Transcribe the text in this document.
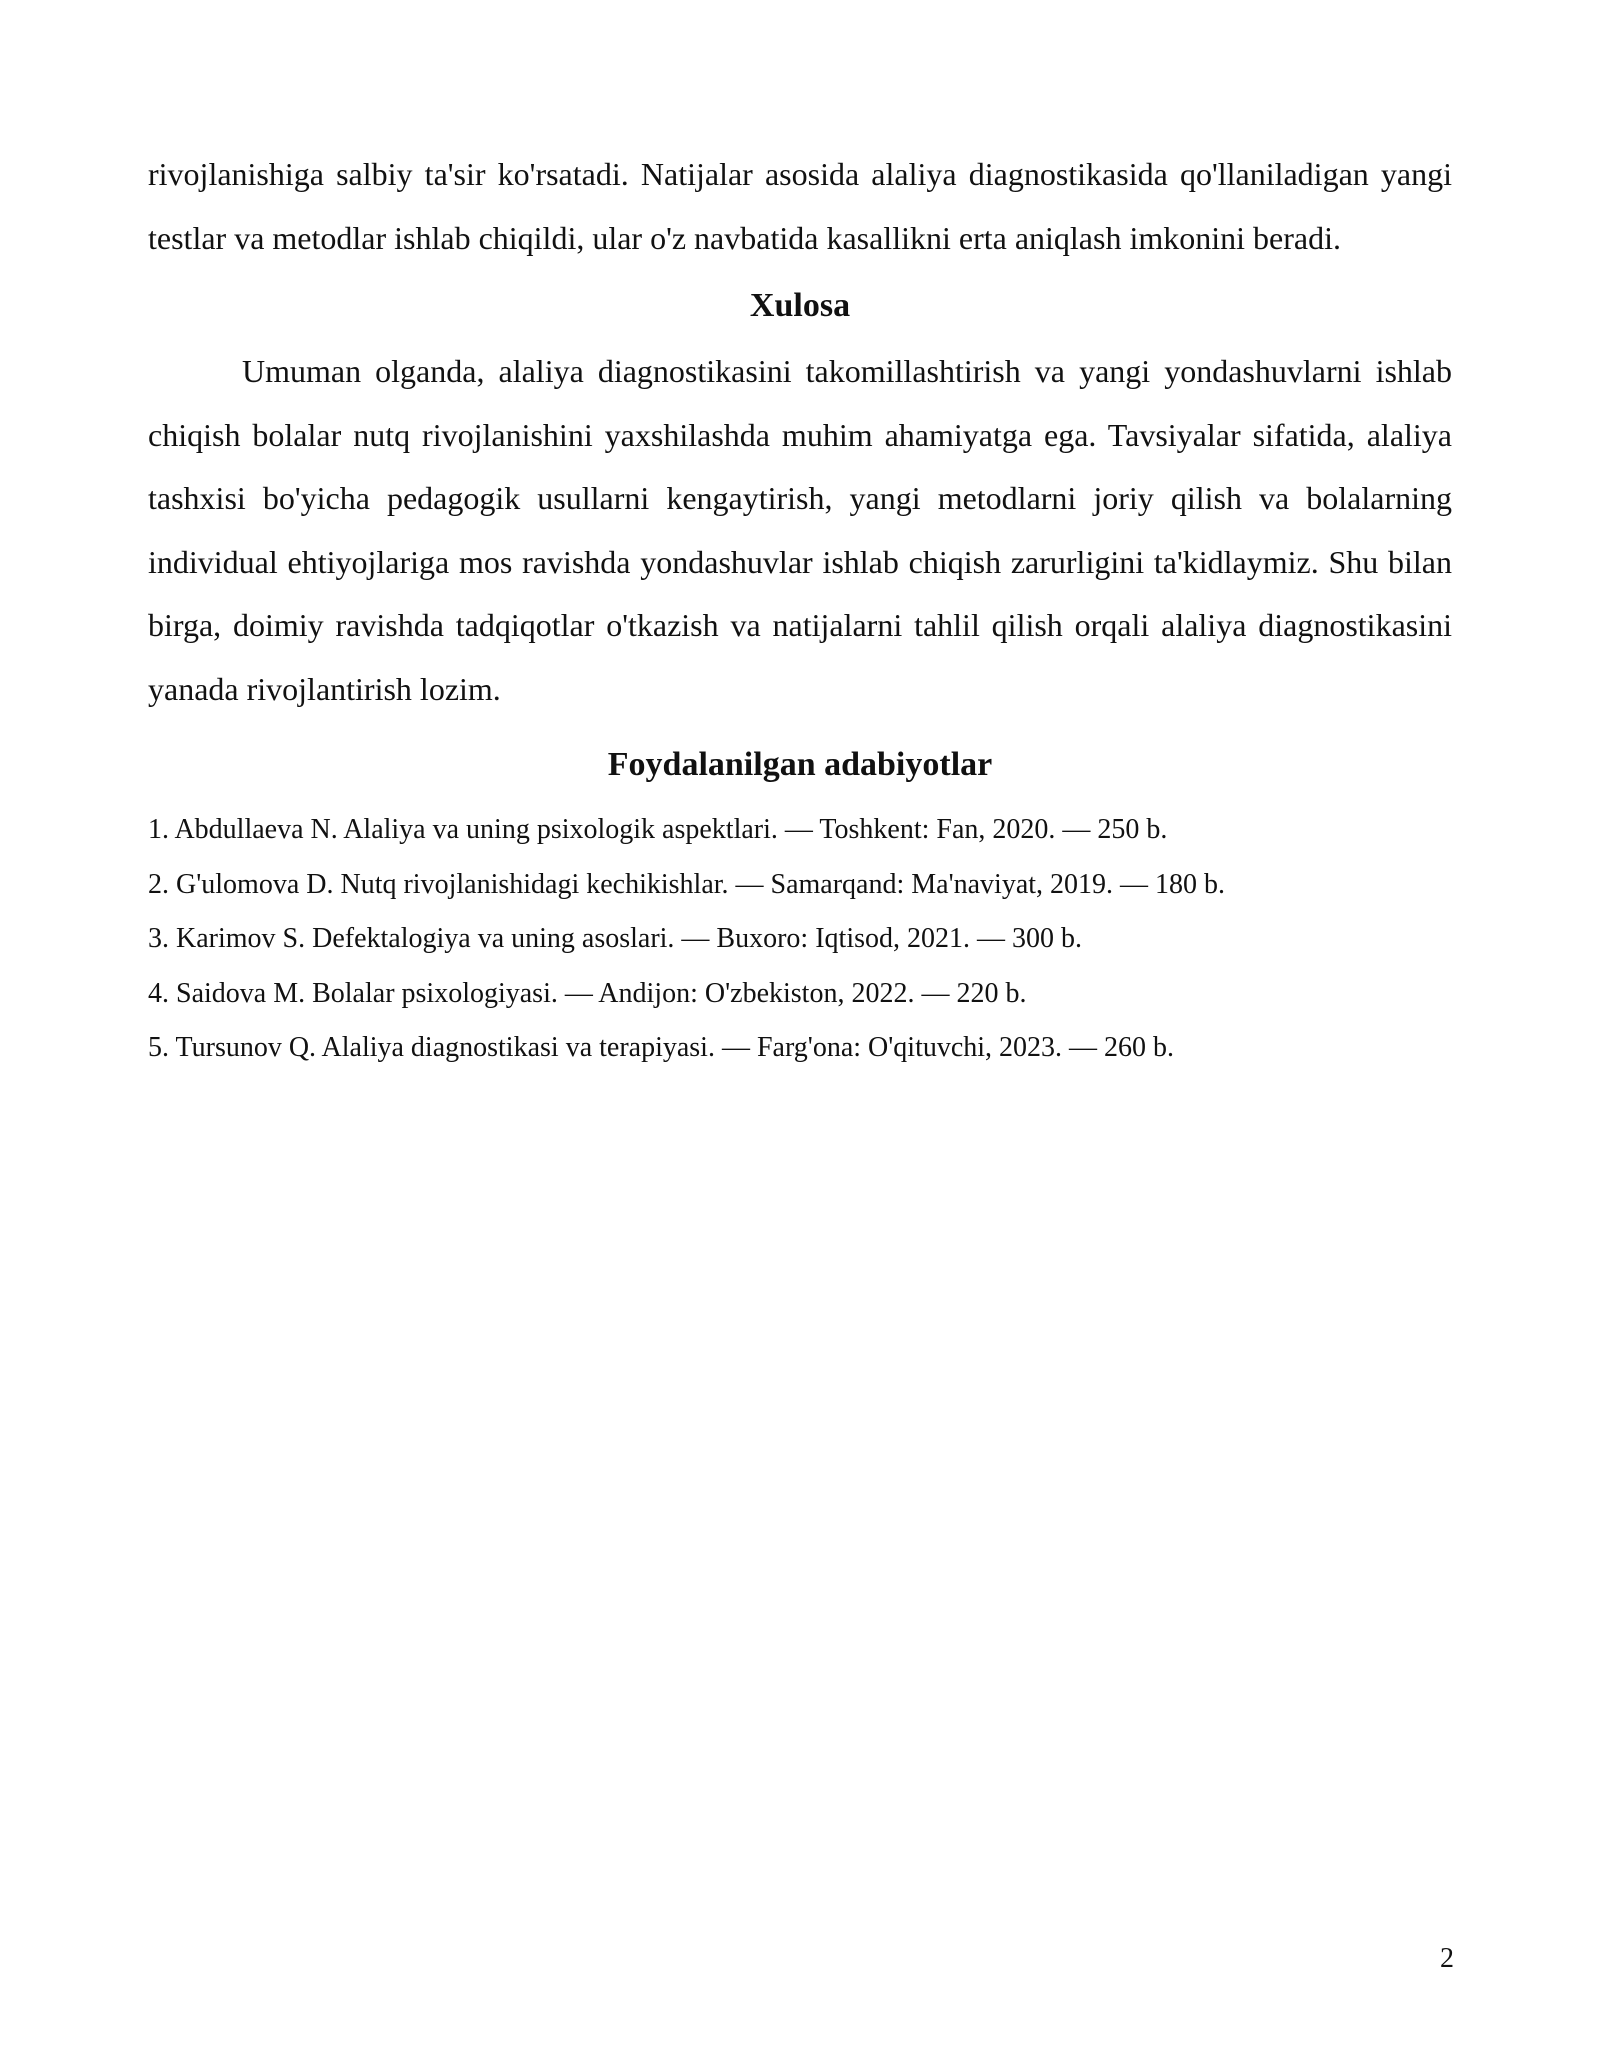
rivojlanishiga salbiy ta'sir ko'rsatadi. Natijalar asosida alaliya diagnostikasida qo'llaniladigan yangi testlar va metodlar ishlab chiqildi, ular o'z navbatida kasallikni erta aniqlash imkonini beradi.

Xulosa

Umuman olganda, alaliya diagnostikasini takomillashtirish va yangi yondashuvlarni ishlab chiqish bolalar nutq rivojlanishini yaxshilashda muhim ahamiyatga ega. Tavsiyalar sifatida, alaliya tashxisi bo'yicha pedagogik usullarni kengaytirish, yangi metodlarni joriy qilish va bolalarning individual ehtiyojlariga mos ravishda yondashuvlar ishlab chiqish zarurligini ta'kidlaymiz. Shu bilan birga, doimiy ravishda tadqiqotlar o'tkazish va natijalarni tahlil qilish orqali alaliya diagnostikasini yanada rivojlantirish lozim.

Foydalanilgan adabiyotlar
1. Abdullaeva N. Alaliya va uning psixologik aspektlari. — Toshkent: Fan, 2020. — 250 b.
2. G'ulomova D. Nutq rivojlanishidagi kechikishlar. — Samarqand: Ma'naviyat, 2019. — 180 b.
3. Karimov S. Defektalogiya va uning asoslari. — Buxoro: Iqtisod, 2021. — 300 b.
4. Saidova M. Bolalar psixologiyasi. — Andijon: O'zbekiston, 2022. — 220 b.
5. Tursunov Q. Alaliya diagnostikasi va terapiyasi. — Farg'ona: O'qituvchi, 2023. — 260 b.
2
